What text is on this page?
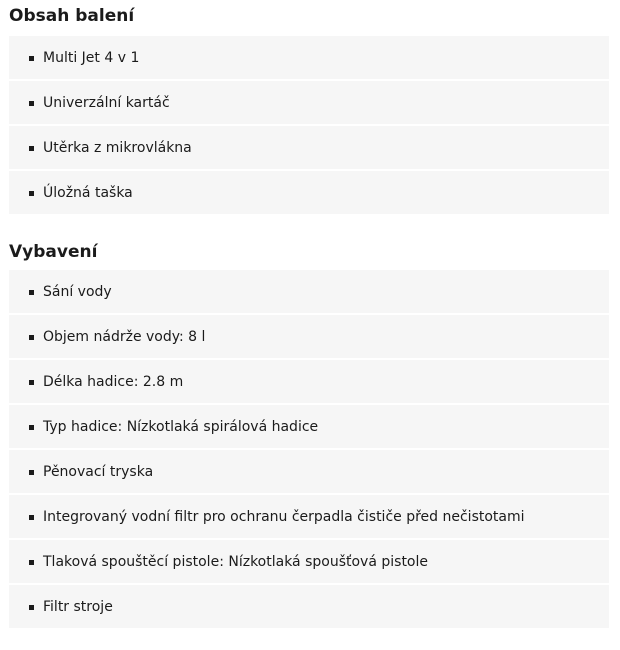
Obsah balení
Multi Jet 4 v 1
Univerzální kartáč
Utěrka z mikrovlákna
Úložná taška
Vybavení
Sání vody
Objem nádrže vody: 8 l
Délka hadice: 2.8 m
Typ hadice: Nízkotlaká spirálová hadice
Pěnovací tryska
Integrovaný vodní filtr pro ochranu čerpadla čističe před nečistotami
Tlaková spouštěcí pistole: Nízkotlaká spoušťová pistole
Filtr stroje
